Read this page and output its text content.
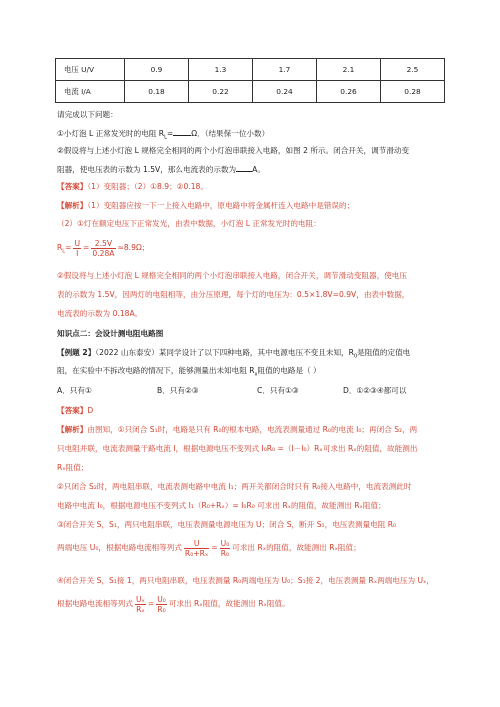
电压 U/V	0.9	1.3	1.7	2.1	2.5
电流 I/A	0.18	0.22	0.24	0.26	0.28
请完成以下问题：
①小灯泡 L 正常发光时的电阻 $R_L= \Omega$．（结果保一位小数）
②假设将与上述小灯泡 L 规格完全相同的两个小灯泡串联接入电路，如图 2 所示。闭合开关，调节滑动变
阻器，使电压表的示数为 1.5V，那么电流表的示数为 A。
【答案】（1）变阻器；（2）①8.9；②0.18。
【解析】（1）变阻器应按一下一上接入电路中，原电路中将金属杆连入电路中是错误的；
（2）①灯在额定电压下正常发光，由表中数据，小灯泡 L 正常发光时的电阻：
$R_L= \frac{U}{I} = \frac{2.5V}{0.28A} \approx 8.9\Omega$；
②假设将与上述小灯泡 L 规格完全相同的两个小灯泡串联接入电路，闭合开关，调节滑动变阻器，使电压
表的示数为 1.5V，因两灯的电阻相等，由分压原理，每个灯的电压为：0.5×1.8V=0.9V，由表中数据，
电流表的示数为 0.18A。
知识点二：会设计测电阻电路图
【例题 2】（2022 山东泰安）某同学设计了以下四种电路，其中电源电压不变且未知，$R_0$是阻值的定值电
阻，在实验中不拆改电路的情况下，能够测量出未知电阻 $R_x$阻值的电路是（ ）
A．只有①	B．只有②③	C．只有①③	D．①②③④都可以
【答案】D
【解析】由图知，①只闭合 S₁时，电路是只有 R₀的根本电路，电流表测量通过 R₀的电流 I₀；再闭合 S₂，两
只电阻并联，电流表测量干路电流 I，根据电源电压不变列式 I₀R₀ =（I－I₀）Rₓ可求出 Rₓ的阻值，故能测出
Rₓ阻值；
②只闭合 S₂时，两电阻串联，电流表测电路中电流 I₁；两开关都闭合时只有 R₀接入电路中，电流表测此时
电路中电流 I₀，根据电源电压不变列式 I₁（R₀+Rₓ）= I₀R₀ 可求出 Rₓ的阻值，故能测出 Rₓ阻值；
③闭合开关 S，S₁，两只电阻串联，电压表测量电源电压为 U；闭合 S，断开 S₁，电压表测量电阻 R₀
两端电压 U₀，根据电路电流相等列式 $\frac{U}{\text{R₀+Rₓ}} = \frac{\text{U₀}}{\text{R₀}}$ 可求出 Rₓ的阻值，故能测出 Rₓ阻值；
④闭合开关 S，S₁接 1，两只电阻串联，电压表测量 R₀两端电压为 U₀；S₁接 2，电压表测量 Rₓ两端电压为 Uₓ，
根据电路电流相等列式 $\frac{\text{Uₓ}}{\text{Rₓ}} = \frac{\text{U₀}}{\text{R₀}}$ 可求出 Rₓ阻值，故能测出 Rₓ阻值。
